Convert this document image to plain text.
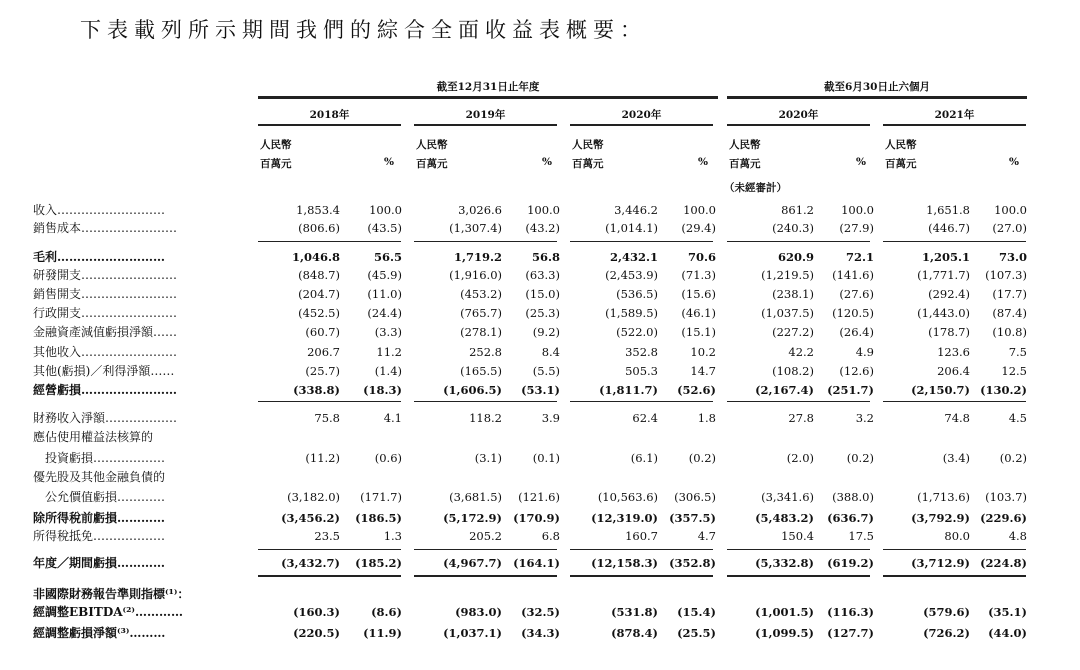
下表載列所示期間我們的綜合全面收益表概要：
截至12月31日止年度	截至6月30日止六個月
2018年
人民幣
百萬元	%
2019年
人民幣
百萬元	%
2020年
人民幣
百萬元	%
2020年
人民幣
百萬元	%
2021年
人民幣
百萬元	%
（未經審計）
收入………………………	1,853.4	100.0	3,026.6	100.0	3,446.2	100.0	861.2	100.0	1,651.8	100.0
銷售成本……………………	(806.6)	(43.5)	(1,307.4)	(43.2)	(1,014.1)	(29.4)	(240.3)	(27.9)	(446.7)	(27.0)
毛利………………………	1,046.8	56.5	1,719.2	56.8	2,432.1	70.6	620.9	72.1	1,205.1	73.0
研發開支……………………	(848.7)	(45.9)	(1,916.0)	(63.3)	(2,453.9)	(71.3)	(1,219.5)	(141.6)	(1,771.7)	(107.3)
銷售開支……………………	(204.7)	(11.0)	(453.2)	(15.0)	(536.5)	(15.6)	(238.1)	(27.6)	(292.4)	(17.7)
行政開支……………………	(452.5)	(24.4)	(765.7)	(25.3)	(1,589.5)	(46.1)	(1,037.5)	(120.5)	(1,443.0)	(87.4)
金融資產減值虧損淨額……	(60.7)	(3.3)	(278.1)	(9.2)	(522.0)	(15.1)	(227.2)	(26.4)	(178.7)	(10.8)
其他收入……………………	206.7	11.2	252.8	8.4	352.8	10.2	42.2	4.9	123.6	7.5
其他(虧損)／利得淨額……	(25.7)	(1.4)	(165.5)	(5.5)	505.3	14.7	(108.2)	(12.6)	206.4	12.5
經營虧損……………………	(338.8)	(18.3)	(1,606.5)	(53.1)	(1,811.7)	(52.6)	(2,167.4)	(251.7)	(2,150.7) (130.2)
財務收入淨額………………	75.8	4.1	118.2	3.9	62.4	1.8	27.8	3.2	74.8	4.5
應佔使用權益法核算的
　投資虧損………………	(11.2)	(0.6)	(3.1)	(0.1)	(6.1)	(0.2)	(2.0)	(0.2)	(3.4)	(0.2)
優先股及其他金融負債的
　公允價值虧損…………	(3,182.0)	(171.7)	(3,681.5)	(121.6)	(10,563.6)	(306.5)	(3,341.6)	(388.0)	(1,713.6)	(103.7)
除所得稅前虧損…………	(3,456.2)	(186.5)	(5,172.9) (170.9)	(12,319.0) (357.5)	(5,483.2)	(636.7)	(3,792.9) (229.6)
所得稅抵免………………	23.5	1.3	205.2	6.8	160.7	4.7	150.4	17.5	80.0	4.8
年度／期間虧損…………	(3,432.7)	(185.2)	(4,967.7) (164.1)	(12,158.3) (352.8)	(5,332.8)	(619.2)	(3,712.9) (224.8)
非國際財務報告準則指標⁽¹⁾：
經調整EBITDA⁽²⁾…………	(160.3)	(8.6)	(983.0)	(32.5)	(531.8)	(15.4)	(1,001.5)	(116.3)	(579.6)	(35.1)
經調整虧損淨額⁽³⁾………	(220.5)	(11.9)	(1,037.1)	(34.3)	(878.4)	(25.5)	(1,099.5)	(127.7)	(726.2)	(44.0)
